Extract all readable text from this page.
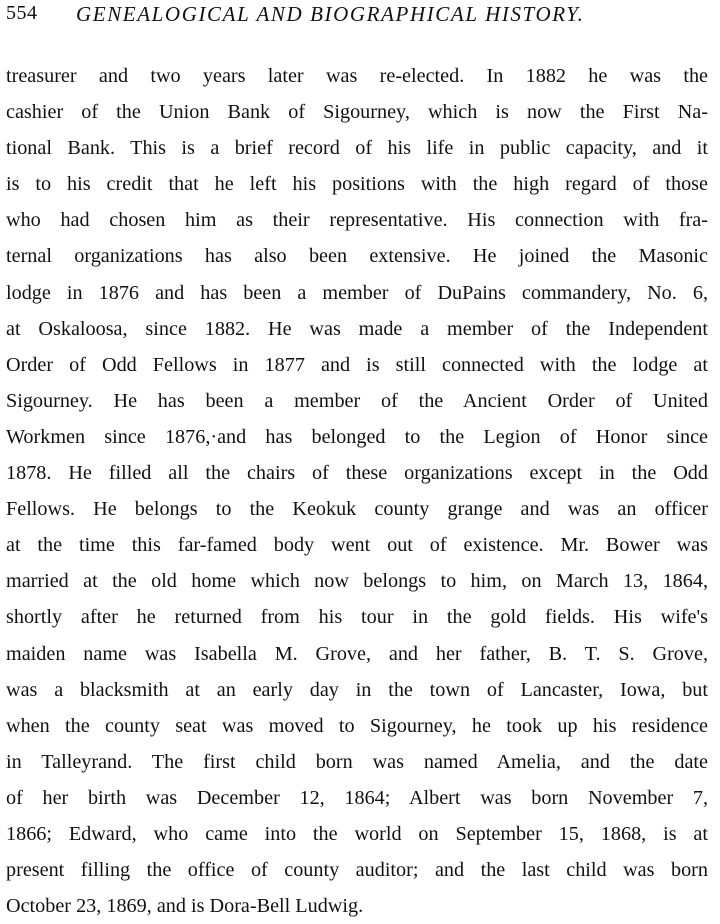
554 GENEALOGICAL AND BIOGRAPHICAL HISTORY.
treasurer and two years later was re-elected. In 1882 he was the
cashier of the Union Bank of Sigourney, which is now the First Na-
tional Bank. This is a brief record of his life in public capacity, and it
is to his credit that he left his positions with the high regard of those
who had chosen him as their representative. His connection with fra-
ternal organizations has also been extensive. He joined the Masonic
lodge in 1876 and has been a member of DuPains commandery, No. 6,
at Oskaloosa, since 1882. He was made a member of the Independent
Order of Odd Fellows in 1877 and is still connected with the lodge at
Sigourney. He has been a member of the Ancient Order of United
Workmen since 1876,·and has belonged to the Legion of Honor since
1878. He filled all the chairs of these organizations except in the Odd
Fellows. He belongs to the Keokuk county grange and was an officer
at the time this far-famed body went out of existence. Mr. Bower was
married at the old home which now belongs to him, on March 13, 1864,
shortly after he returned from his tour in the gold fields. His wife's
maiden name was Isabella M. Grove, and her father, B. T. S. Grove,
was a blacksmith at an early day in the town of Lancaster, Iowa, but
when the county seat was moved to Sigourney, he took up his residence
in Talleyrand. The first child born was named Amelia, and the date
of her birth was December 12, 1864; Albert was born November 7,
1866; Edward, who came into the world on September 15, 1868, is at
present filling the office of county auditor; and the last child was born
October 23, 1869, and is Dora-Bell Ludwig.
